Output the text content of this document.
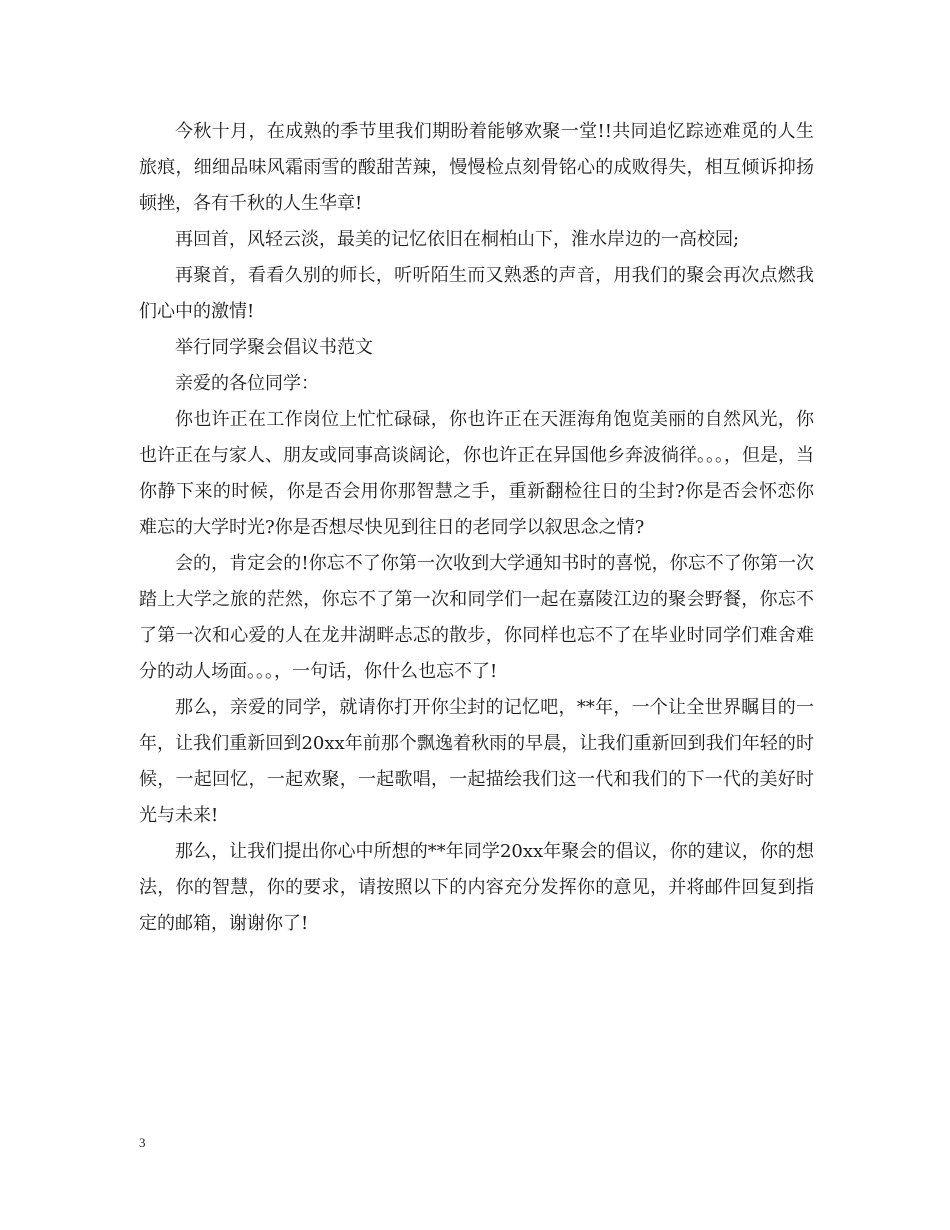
今秋十月，在成熟的季节里我们期盼着能够欢聚一堂!!共同追忆踪迹难觅的人生旅痕，细细品味风霜雨雪的酸甜苦辣，慢慢检点刻骨铭心的成败得失，相互倾诉抑扬顿挫，各有千秋的人生华章!

再回首，风轻云淡，最美的记忆依旧在桐柏山下，淮水岸边的一高校园;

再聚首，看看久别的师长，听听陌生而又熟悉的声音，用我们的聚会再次点燃我们心中的激情!

举行同学聚会倡议书范文

亲爱的各位同学：

你也许正在工作岗位上忙忙碌碌，你也许正在天涯海角饱览美丽的自然风光，你也许正在与家人、朋友或同事高谈阔论，你也许正在异国他乡奔波徜徉。。。，但是，当你静下来的时候，你是否会用你那智慧之手，重新翻检往日的尘封?你是否会怀恋你难忘的大学时光?你是否想尽快见到往日的老同学以叙思念之情?

会的，肯定会的!你忘不了你第一次收到大学通知书时的喜悦，你忘不了你第一次踏上大学之旅的茫然，你忘不了第一次和同学们一起在嘉陵江边的聚会野餐，你忘不了第一次和心爱的人在龙井湖畔忐忑的散步，你同样也忘不了在毕业时同学们难舍难分的动人场面。。。，一句话，你什么也忘不了!

那么，亲爱的同学，就请你打开你尘封的记忆吧，**年，一个让全世界瞩目的一年，让我们重新回到20xx年前那个飘逸着秋雨的早晨，让我们重新回到我们年轻的时候，一起回忆，一起欢聚，一起歌唱，一起描绘我们这一代和我们的下一代的美好时光与未来!

那么，让我们提出你心中所想的**年同学20xx年聚会的倡议，你的建议，你的想法，你的智慧，你的要求，请按照以下的内容充分发挥你的意见，并将邮件回复到指定的邮箱，谢谢你了!

3
